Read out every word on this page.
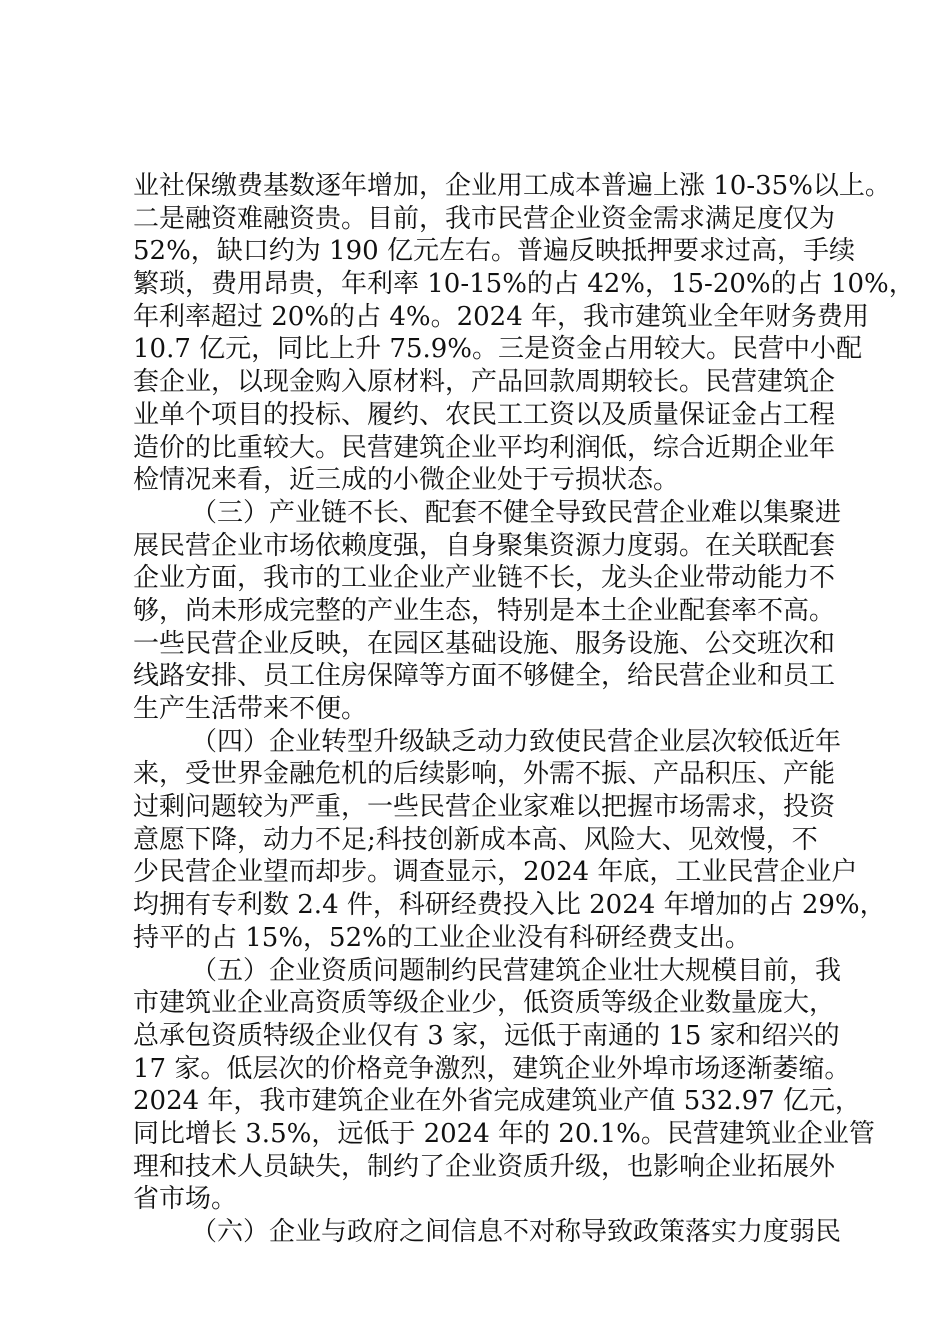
业社保缴费基数逐年增加，企业用工成本普遍上涨 10-35%以上。
二是融资难融资贵。目前，我市民营企业资金需求满足度仅为
52%，缺口约为 190 亿元左右。普遍反映抵押要求过高，手续
繁琐，费用昂贵，年利率 10-15%的占 42%，15-20%的占 10%，
年利率超过 20%的占 4%。2024 年，我市建筑业全年财务费用
10.7 亿元，同比上升 75.9%。三是资金占用较大。民营中小配
套企业，以现金购入原材料，产品回款周期较长。民营建筑企
业单个项目的投标、履约、农民工工资以及质量保证金占工程
造价的比重较大。民营建筑企业平均利润低，综合近期企业年
检情况来看，近三成的小微企业处于亏损状态。
（三）产业链不长、配套不健全导致民营企业难以集聚进
展民营企业市场依赖度强，自身聚集资源力度弱。在关联配套
企业方面，我市的工业企业产业链不长，龙头企业带动能力不
够，尚未形成完整的产业生态，特别是本土企业配套率不高。
一些民营企业反映，在园区基础设施、服务设施、公交班次和
线路安排、员工住房保障等方面不够健全，给民营企业和员工
生产生活带来不便。
（四）企业转型升级缺乏动力致使民营企业层次较低近年
来，受世界金融危机的后续影响，外需不振、产品积压、产能
过剩问题较为严重，一些民营企业家难以把握市场需求，投资
意愿下降，动力不足;科技创新成本高、风险大、见效慢，不
少民营企业望而却步。调查显示，2024 年底，工业民营企业户
均拥有专利数 2.4 件，科研经费投入比 2024 年增加的占 29%，
持平的占 15%，52%的工业企业没有科研经费支出。
（五）企业资质问题制约民营建筑企业壮大规模目前，我
市建筑业企业高资质等级企业少，低资质等级企业数量庞大，
总承包资质特级企业仅有 3 家，远低于南通的 15 家和绍兴的
17 家。低层次的价格竞争激烈，建筑企业外埠市场逐渐萎缩。
2024 年，我市建筑企业在外省完成建筑业产值 532.97 亿元，
同比增长 3.5%，远低于 2024 年的 20.1%。民营建筑业企业管
理和技术人员缺失，制约了企业资质升级，也影响企业拓展外
省市场。
（六）企业与政府之间信息不对称导致政策落实力度弱民
